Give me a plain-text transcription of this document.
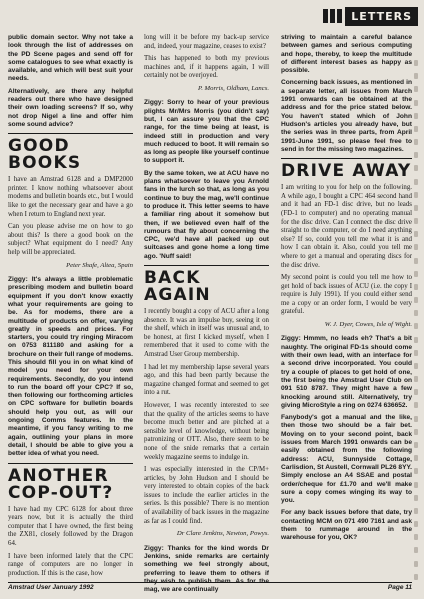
LETTERS

public domain sector. Why not take a look through the list of addresses on the PD Scene pages and send off for some catalogues to see what exactly is available, and which will best suit your needs.

Alternatively, are there any helpful readers out there who have designed their own loading screens? If so, why not drop Nigel a line and offer him some sound advice?

GOOD BOOKS

I have an Amstrad 6128 and a DMP2000 printer. I know nothing whatsoever about modems and bulletin boards etc., but I would like to get the necessary gear and have a go when I return to England next year.

Can you please advise me on how to go about this? Is there a good book on the subject? What equipment do I need? Any help will be appreciated.

Peter Shafe, Altea, Spain

Ziggy: It's always a little problematic prescribing modem and bulletin board equipment if you don't know exactly what your requirements are going to be. As for modems, there are a multitude of products on offer, varying greatly in speeds and prices. For starters, you could try ringing Miracom on 0753 811180 and asking for a brochure on their full range of modems. This should fill you in on what kind of model you need for your own requirements. Secondly, do you intend to run the board off your CPC? If so, then following our forthcoming articles on CPC software for bulletin boards should help you out, as will our ongoing Comms features. In the meantime, if you fancy writing to me again, outlining your plans in more detail, I should be able to give you a better idea of what you need.

ANOTHER COP-OUT?

I have had my CPC 6128 for about three years now, but it is actually the third computer that I have owned, the first being the ZX81, closely followed by the Dragon 64.

I have been informed lately that the CPC range of computers are no longer in production. If this is the case, how

long will it be before my back-up service and, indeed, your magazine, ceases to exist?

This has happened to both my previous machines and, if it happens again, I will certainly not be overjoyed.

P. Morris, Oldham, Lancs.

Ziggy: Sorry to hear of your previous plights Mr/Mrs Morris (you didn't say) but, I can assure you that the CPC range, for the time being at least, is indeed still in production and very much reduced to boot. It will remain so as long as people like yourself continue to support it.

By the same token, we at ACU have no plans whatsoever to leave you Arnold fans in the lurch so that, as long as you continue to buy the mag, we'll continue to produce it. This letter seems to have a familiar ring about it somehow but then, if we believed even half of the rumours that fly about concerning the CPC, we'd have all packed up out suitcases and gone home a long time ago. 'Nuff said!

BACK AGAIN

I recently bought a copy of ACU after a long absence. It was an impulse buy, seeing it on the shelf, which in itself was unusual and, to be honest, at first I kicked myself, when I remembered that it used to come with the Amstrad User Group membership.

I had let my membership lapse several years ago, and this had been partly because the magazine changed format and seemed to get into a rut.

However, I was recently interested to see that the quality of the articles seems to have become much better and are pitched at a sensible level of knowledge, without being patronizing or OTT. Also, there seem to be none of the snide remarks that a certain weekly magazine seems to indulge in.

I was especially interested in the CP/M+ articles, by John Hudson and I should be very interested to obtain copies of the back issues to include the earlier articles in the series. Is this possible? There is no mention of availability of back issues in the magazine as far as I could find.

Dr Clare Jenkins, Newton, Powys.

Ziggy: Thanks for the kind words Dr Jenkins, snide remarks are certainly something we feel strongly about, preferring to leave them to others if they wish to publish them. As for the mag, we are continually

striving to maintain a careful balance between games and serious computing and hope, thereby, to keep the multitude of different interest bases as happy as possible.

Concerning back issues, as mentioned in a separate letter, all issues from March 1991 onwards can be obtained at the address and for the price stated below. You haven't stated which of John Hudson's articles you already have, but the series was in three parts, from April 1991-June 1991, so please feel free to send in for the missing two magazines.

DRIVE AWAY

I am writing to you for help on the following. A while ago, I bought a CPC 464 second hand and it had an FD-1 disc drive, but no leads (FD-1 to computer) and no operating manual for the disc drive. Can I connect the disc drive straight to the computer, or do I need anything else? If so, could you tell me what it is and how I can obtain it. Also, could you tell me where to get a manual and operating discs for the disc drive.

My second point is could you tell me how to get hold of back issues of ACU (i.e. the copy I require is July 1991). If you could either send me a copy or an order form, I would be very grateful.

W. J. Dyer, Cowes, Isle of Wight.

Ziggy: Hmmm, no leads eh? That's a bit naughty. The original FD-1s should come with their own lead, with an interface for a second drive incorporated. You could try a couple of places to get hold of one, the first being the Amstrad User Club on 091 510 8787. They might have a few knocking around still. Alternatively, try giving MicroStyle a ring on 0274 636652.

Fanybody's got a manual and the like, then those two should be a fair bet. Moving on to your second point, back issues from March 1991 onwards can be easily obtained from the following address: ACU, Sunnyside Cottage, Carlisdion, St Austell, Cornwall PL26 8YY. Simply enclose an A4 SSAE and postal order/cheque for £1.70 and we'll make sure a copy comes winging its way to you.

For any back issues before that date, try contacting MCM on 071 490 7161 and ask them to rummage around in the warehouse for you, OK?

Amstrad User January 1992	Page 11
